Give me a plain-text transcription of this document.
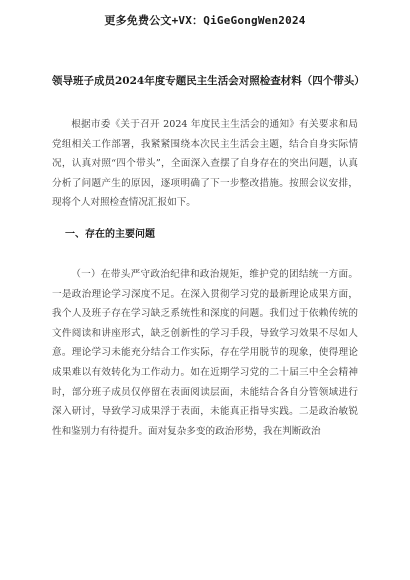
更多免费公文+VX：QiGeGongWen2024
领导班子成员2024年度专题民主生活会对照检查材料（四个带头）

根据市委《关于召开 2024 年度民主生活会的通知》有关要求和局党组相关工作部署，我紧紧围绕本次民主生活会主题，结合自身实际情况，认真对照“四个带头”，全面深入查摆了自身存在的突出问题，认真分析了问题产生的原因，逐项明确了下一步整改措施。按照会议安排，现将个人对照检查情况汇报如下。

一、存在的主要问题

（一）在带头严守政治纪律和政治规矩，维护党的团结统一方面。一是政治理论学习深度不足。在深入贯彻学习党的最新理论成果方面，我个人及班子存在学习缺乏系统性和深度的问题。我们过于依赖传统的文件阅读和讲座形式，缺乏创新性的学习手段，导致学习效果不尽如人意。理论学习未能充分结合工作实际，存在学用脱节的现象，使得理论成果难以有效转化为工作动力。如在近期学习党的二十届三中全会精神时，部分班子成员仅停留在表面阅读层面，未能结合各自分管领域进行深入研讨，导致学习成果浮于表面，未能真正指导实践。二是政治敏锐性和鉴别力有待提升。面对复杂多变的政治形势，我在判断政治
